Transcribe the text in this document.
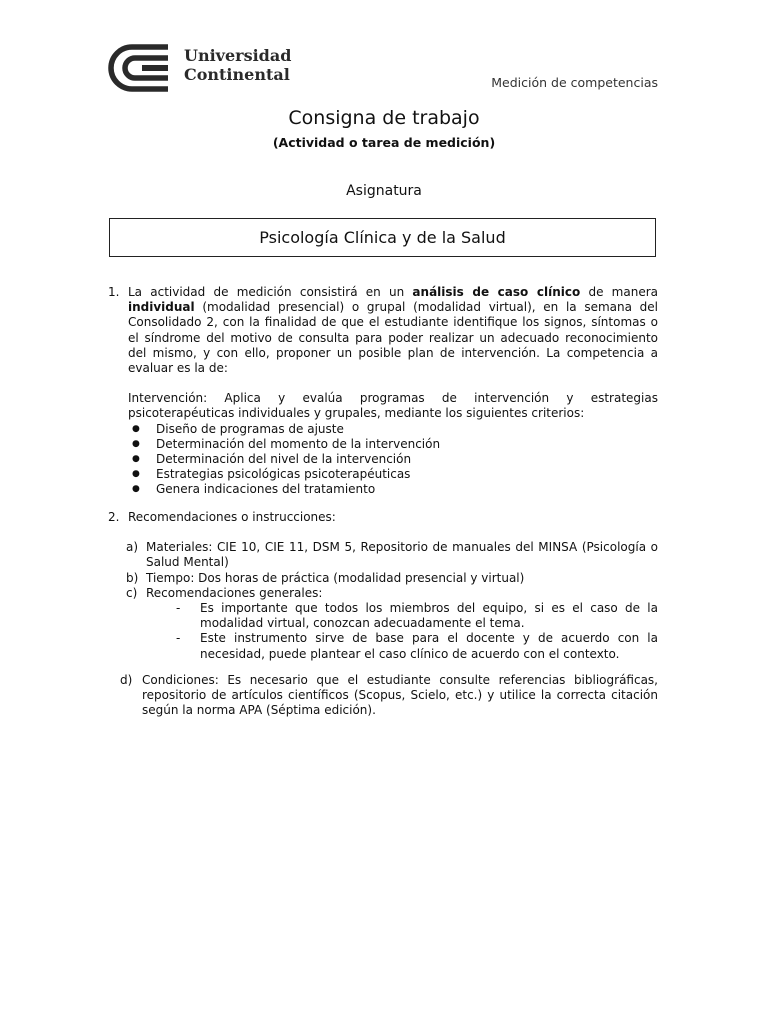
Universidad
Continental	Medición de competencias
Consigna de trabajo
(Actividad o tarea de medición)
Asignatura
Psicología Clínica y de la Salud
1. La actividad de medición consistirá en un análisis de caso clínico de manera individual (modalidad presencial) o grupal (modalidad virtual), en la semana del Consolidado 2, con la finalidad de que el estudiante identifique los signos, síntomas o el síndrome del motivo de consulta para poder realizar un adecuado reconocimiento del mismo, y con ello, proponer un posible plan de intervención. La competencia a evaluar es la de:
Intervención: Aplica y evalúa programas de intervención y estrategias psicoterapéuticas individuales y grupales, mediante los siguientes criterios:
●	Diseño de programas de ajuste
●	Determinación del momento de la intervención
●	Determinación del nivel de la intervención
●	Estrategias psicológicas psicoterapéuticas
●	Genera indicaciones del tratamiento
2. Recomendaciones o instrucciones:
a) Materiales: CIE 10, CIE 11, DSM 5, Repositorio de manuales del MINSA (Psicología o Salud Mental)
b) Tiempo: Dos horas de práctica (modalidad presencial y virtual)
c) Recomendaciones generales:
-	Es importante que todos los miembros del equipo, si es el caso de la modalidad virtual, conozcan adecuadamente el tema.
-	Este instrumento sirve de base para el docente y de acuerdo con la necesidad, puede plantear el caso clínico de acuerdo con el contexto.
d) Condiciones: Es necesario que el estudiante consulte referencias bibliográficas, repositorio de artículos científicos (Scopus, Scielo, etc.) y utilice la correcta citación según la norma APA (Séptima edición).
